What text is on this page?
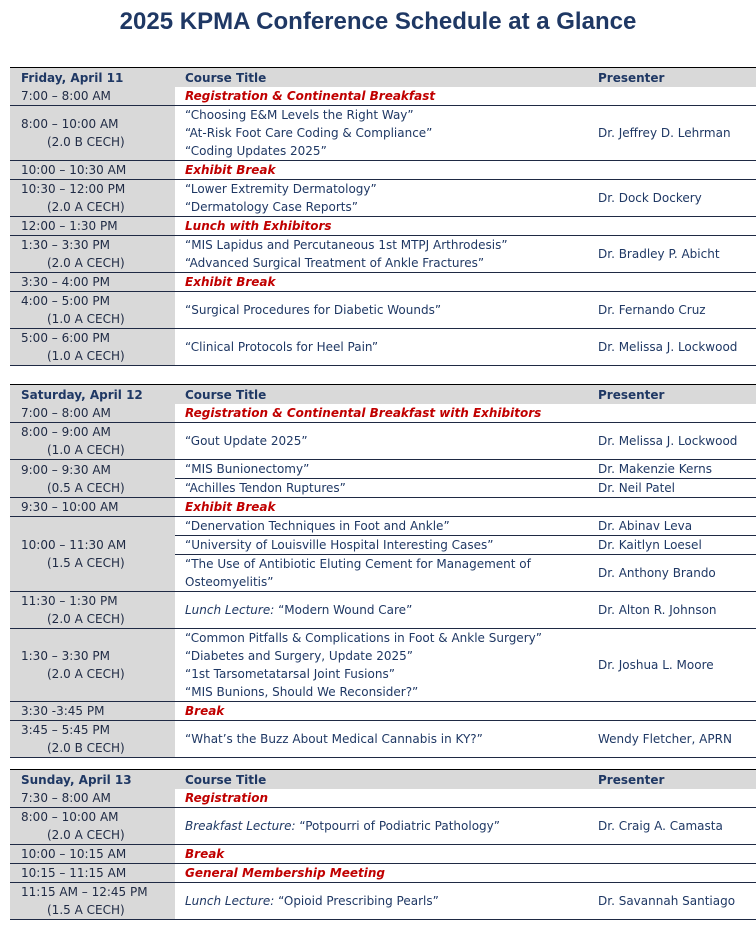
2025 KPMA Conference Schedule at a Glance
Friday, April 11	Course Title	Presenter

7:00 – 8:00 AM	Registration & Continental Breakfast	

8:00 – 10:00 AM
(2.0 B CECH)	“Choosing E&M Levels the Right Way”
“At-Risk Foot Care Coding & Compliance”
“Coding Updates 2025”	Dr. Jeffrey D. Lehrman

10:00 – 10:30 AM	Exhibit Break	

10:30 – 12:00 PM
(2.0 A CECH)	“Lower Extremity Dermatology”
“Dermatology Case Reports”	Dr. Dock Dockery

12:00 – 1:30 PM	Lunch with Exhibitors	

1:30 – 3:30 PM
(2.0 A CECH)	“MIS Lapidus and Percutaneous 1st MTPJ Arthrodesis”
“Advanced Surgical Treatment of Ankle Fractures”	Dr. Bradley P. Abicht

3:30 – 4:00 PM	Exhibit Break	

4:00 – 5:00 PM
(1.0 A CECH)	“Surgical Procedures for Diabetic Wounds”	Dr. Fernando Cruz

5:00 – 6:00 PM
(1.0 A CECH)	“Clinical Protocols for Heel Pain”	Dr. Melissa J. Lockwood
Saturday, April 12	Course Title	Presenter

7:00 – 8:00 AM	Registration & Continental Breakfast with Exhibitors	

8:00 – 9:00 AM
(1.0 A CECH)	“Gout Update 2025”	Dr. Melissa J. Lockwood

9:00 – 9:30 AM
(0.5 A CECH)	“MIS Bunionectomy”	Dr. Makenzie Kerns
	“Achilles Tendon Ruptures”	Dr. Neil Patel

9:30 – 10:00 AM	Exhibit Break	

10:00 – 11:30 AM
(1.5 A CECH)	“Denervation Techniques in Foot and Ankle”	Dr. Abinav Leva
	“University of Louisville Hospital Interesting Cases”	Dr. Kaitlyn Loesel
	“The Use of Antibiotic Eluting Cement for Management of Osteomyelitis”	Dr. Anthony Brando

11:30 – 1:30 PM
(2.0 A CECH)	Lunch Lecture: “Modern Wound Care”	Dr. Alton R. Johnson

1:30 – 3:30 PM
(2.0 A CECH)	“Common Pitfalls & Complications in Foot & Ankle Surgery”
“Diabetes and Surgery, Update 2025”
“1st Tarsometatarsal Joint Fusions”
“MIS Bunions, Should We Reconsider?”	Dr. Joshua L. Moore

3:30 -3:45 PM	Break	

3:45 – 5:45 PM
(2.0 B CECH)	“What’s the Buzz About Medical Cannabis in KY?”	Wendy Fletcher, APRN
Sunday, April 13	Course Title	Presenter

7:30 – 8:00 AM	Registration	

8:00 – 10:00 AM
(2.0 A CECH)	Breakfast Lecture: “Potpourri of Podiatric Pathology”	Dr. Craig A. Camasta

10:00 – 10:15 AM	Break	

10:15 – 11:15 AM	General Membership Meeting	

11:15 AM – 12:45 PM
(1.5 A CECH)	Lunch Lecture: “Opioid Prescribing Pearls”	Dr. Savannah Santiago
